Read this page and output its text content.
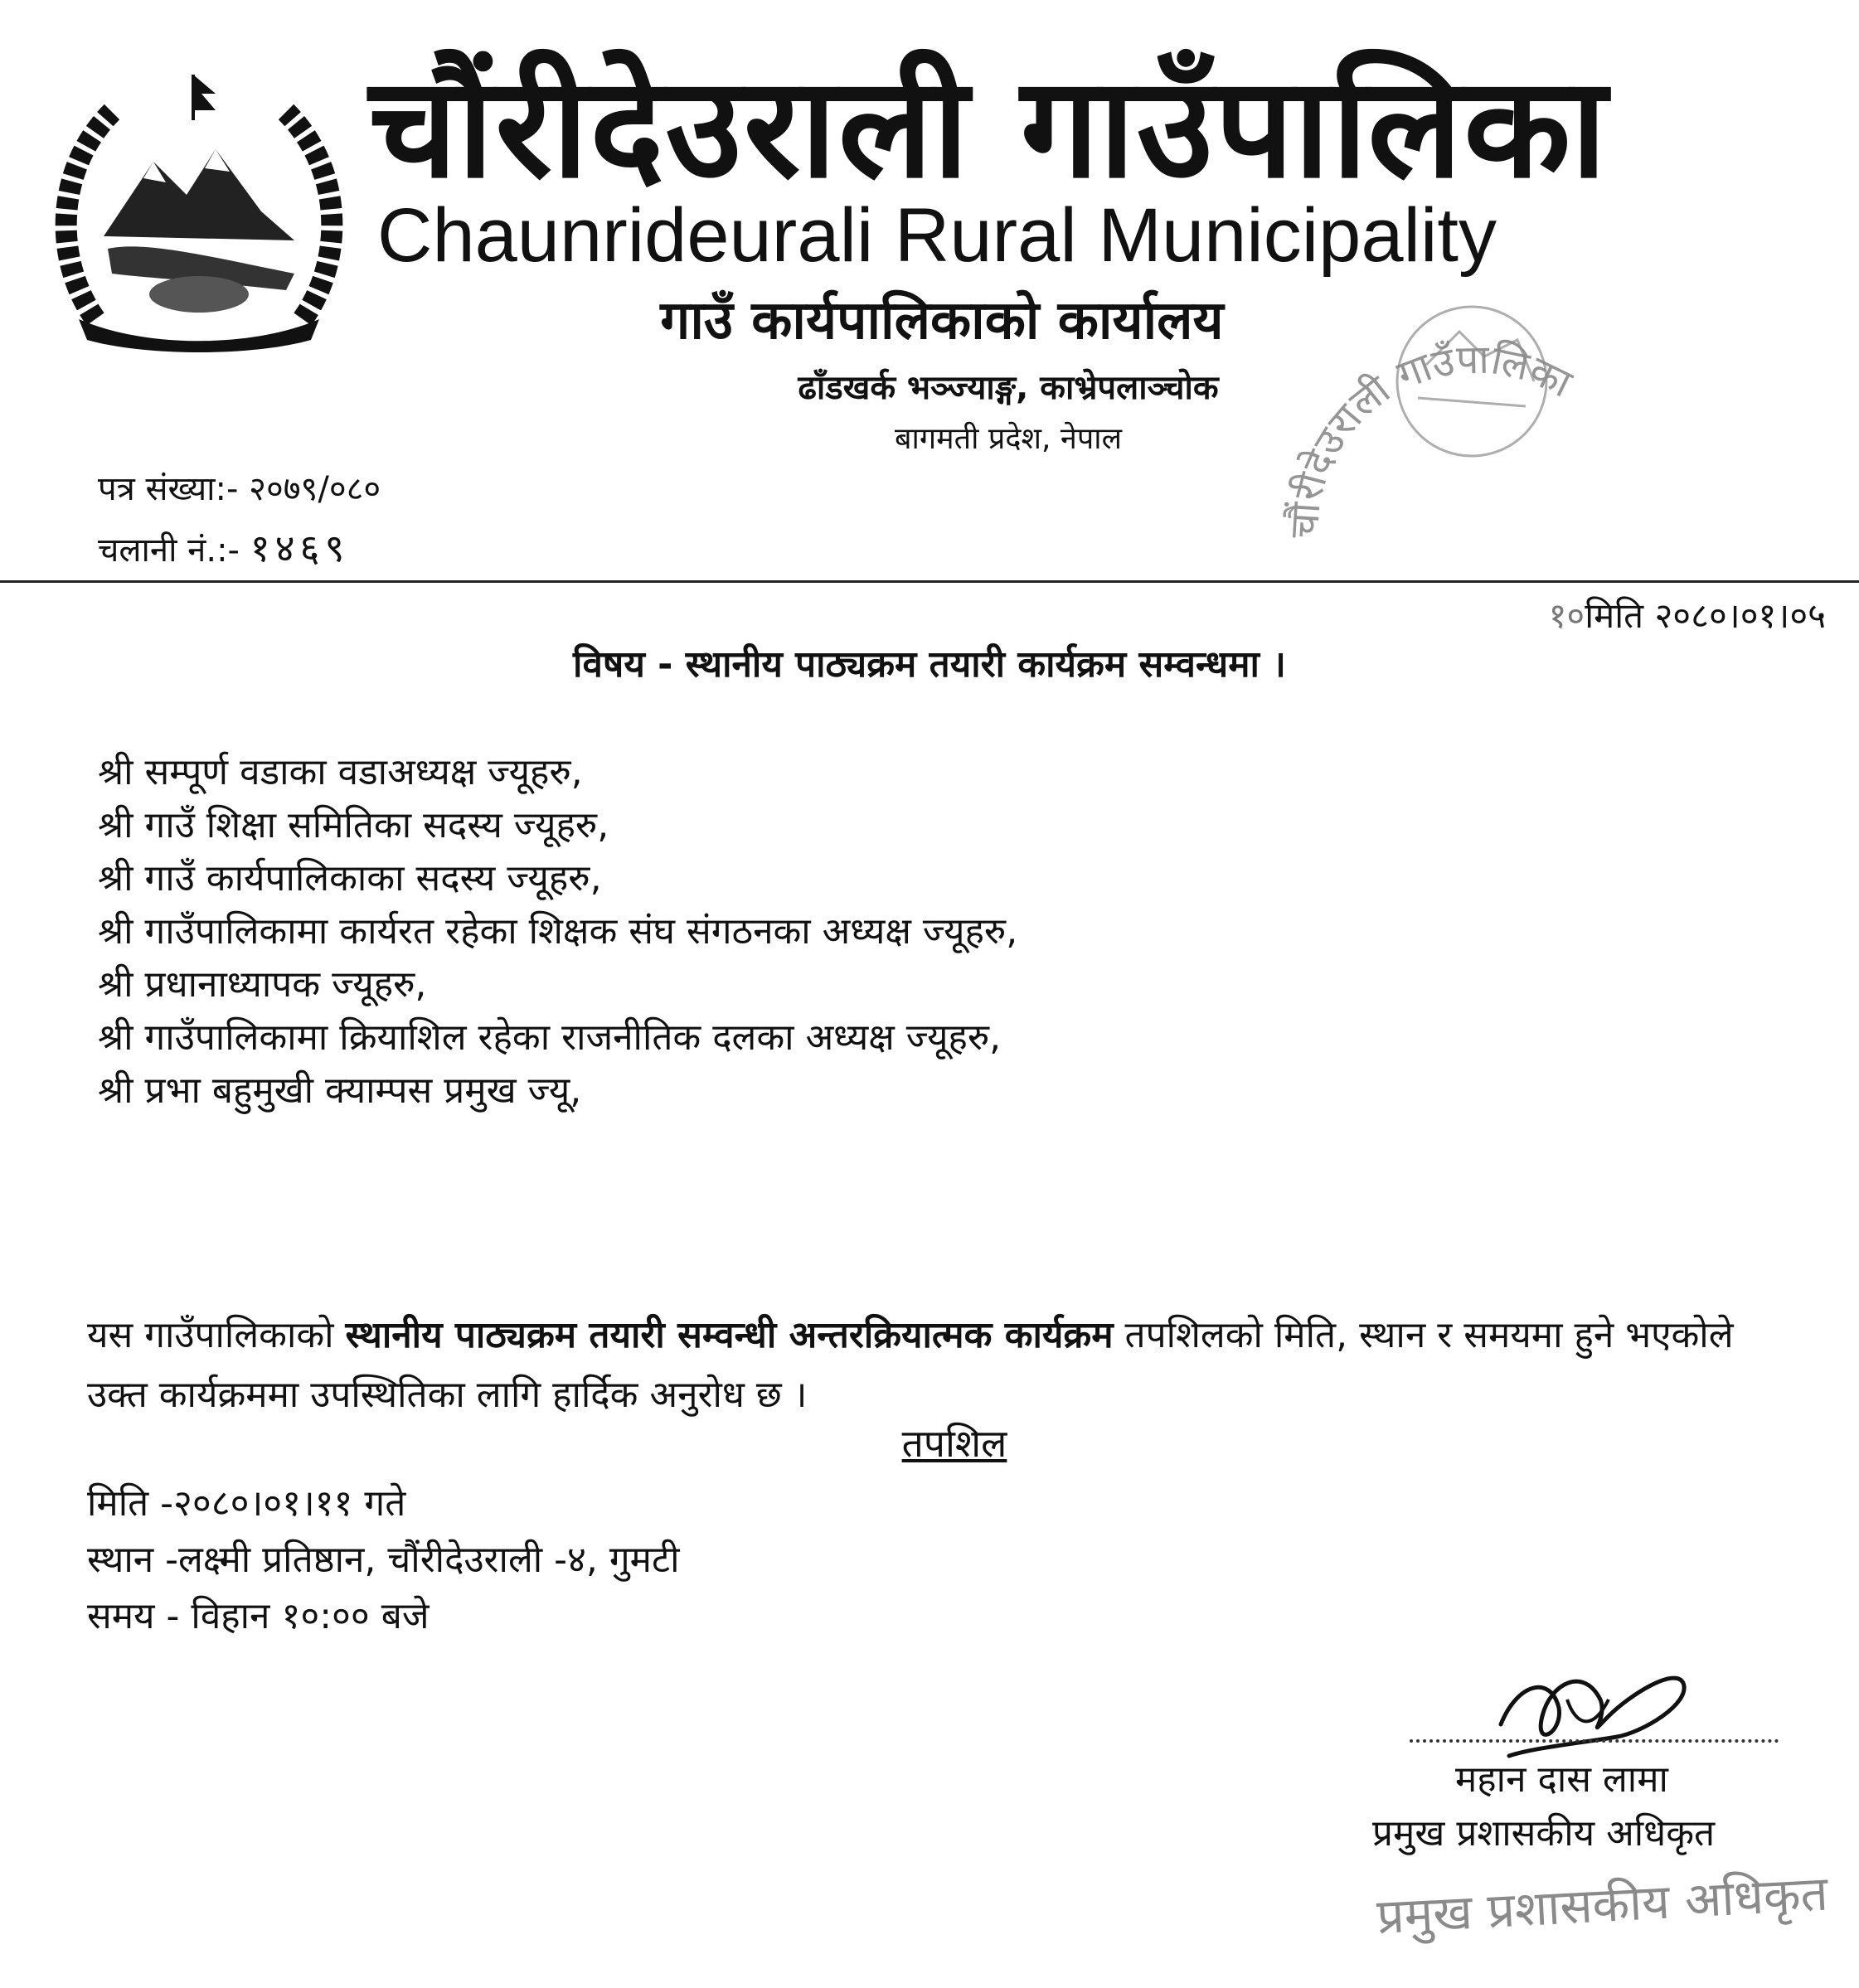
चौंरीदेउराली गाउँपालिका
Chaunrideurali Rural Municipality
गाउँ कार्यपालिकाको कार्यालय
ढाँडखर्क भञ्ज्याङ्ग, काभ्रेपलाञ्चोक
बागमती प्रदेश, नेपाल
चौंरीदेउराली गाउँपालिका
पत्र संख्या:- २०७९/०८०
चलानी नं.:- १४६९
१०मिति २०८०।०१।०५
विषय - स्थानीय पाठ्यक्रम तयारी कार्यक्रम सम्वन्धमा ।
श्री सम्पूर्ण वडाका वडाअध्यक्ष ज्यूहरु,
श्री गाउँ शिक्षा समितिका सदस्य ज्यूहरु,
श्री गाउँ कार्यपालिकाका सदस्य ज्यूहरु,
श्री गाउँपालिकामा कार्यरत रहेका शिक्षक संघ संगठनका अध्यक्ष ज्यूहरु,
श्री प्रधानाध्यापक ज्यूहरु,
श्री गाउँपालिकामा क्रियाशिल रहेका राजनीतिक दलका अध्यक्ष ज्यूहरु,
श्री प्रभा बहुमुखी क्याम्पस प्रमुख ज्यू,
यस गाउँपालिकाको स्थानीय पाठ्यक्रम तयारी सम्वन्धी अन्तरक्रियात्मक कार्यक्रम तपशिलको मिति, स्थान र समयमा हुने भएकोले उक्त कार्यक्रममा उपस्थितिका लागि हार्दिक अनुरोध छ ।
तपशिल
मिति -२०८०।०१।११ गते
स्थान -लक्ष्मी प्रतिष्ठान, चौंरीदेउराली -४, गुमटी
समय - विहान १०:०० बजे
महान दास लामा
प्रमुख प्रशासकीय अधिकृत
प्रमुख प्रशासकीय अधिकृत
